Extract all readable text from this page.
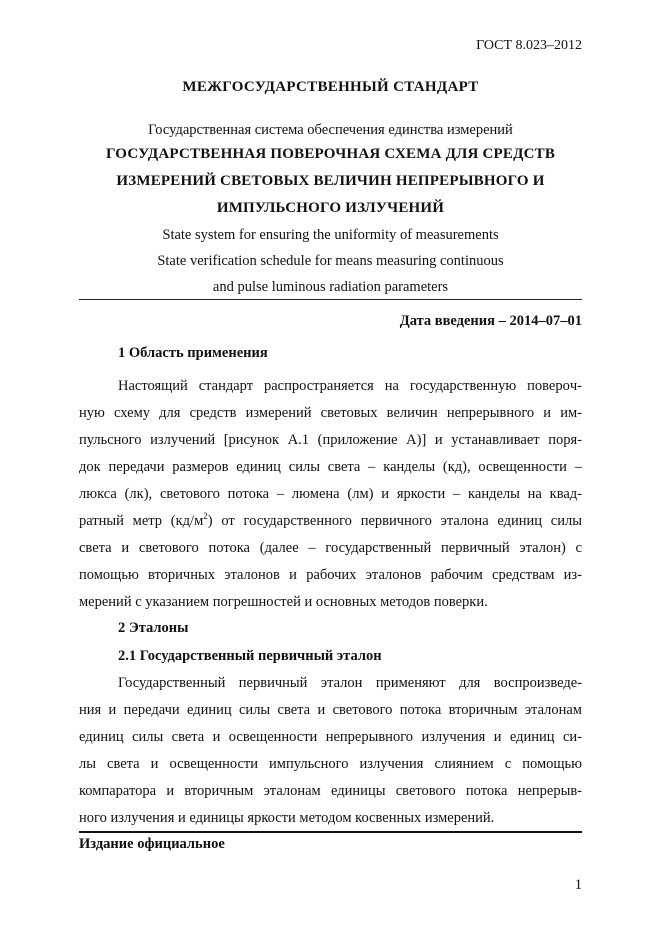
ГОСТ 8.023–2012
МЕЖГОСУДАРСТВЕННЫЙ СТАНДАРТ
Государственная система обеспечения единства измерений
ГОСУДАРСТВЕННАЯ ПОВЕРОЧНАЯ СХЕМА ДЛЯ СРЕДСТВ
ИЗМЕРЕНИЙ СВЕТОВЫХ ВЕЛИЧИН НЕПРЕРЫВНОГО И
ИМПУЛЬСНОГО ИЗЛУЧЕНИЙ
State system for ensuring the uniformity of measurements
State verification schedule for means measuring continuous
and pulse luminous radiation parameters
Дата введения – 2014–07–01
1 Область применения
Настоящий стандарт распространяется на государственную поверoч-
ную схему для средств измерений световых величин непрерывного и им-
пульсного излучений [рисунок А.1 (приложение А)] и устанавливает поря-
док передачи размеров единиц силы света – канделы (кд), освещенности –
люкса (лк), светового потока – люмена (лм) и яркости – канделы на квад-
ратный метр $(кд/м^2)$ от государственного первичного эталона единиц силы
света и светового потока (далее – государственный первичный эталон) с
помощью вторичных эталонов и рабочих эталонов рабочим средствам из-
мерений с указанием погрешностей и основных методов поверки.
2 Эталоны
2.1 Государственный первичный эталон
Государственный первичный эталон применяют для воспроизведе-
ния и передачи единиц силы света и светового потока вторичным эталонам
единиц силы света и освещенности непрерывного излучения и единиц си-
лы света и освещенности импульсного излучения слиянием с помощью
компаратора и вторичным эталонам единицы светового потока непрерыв-
ного излучения и единицы яркости методом косвенных измерений.
Издание официальное
1
